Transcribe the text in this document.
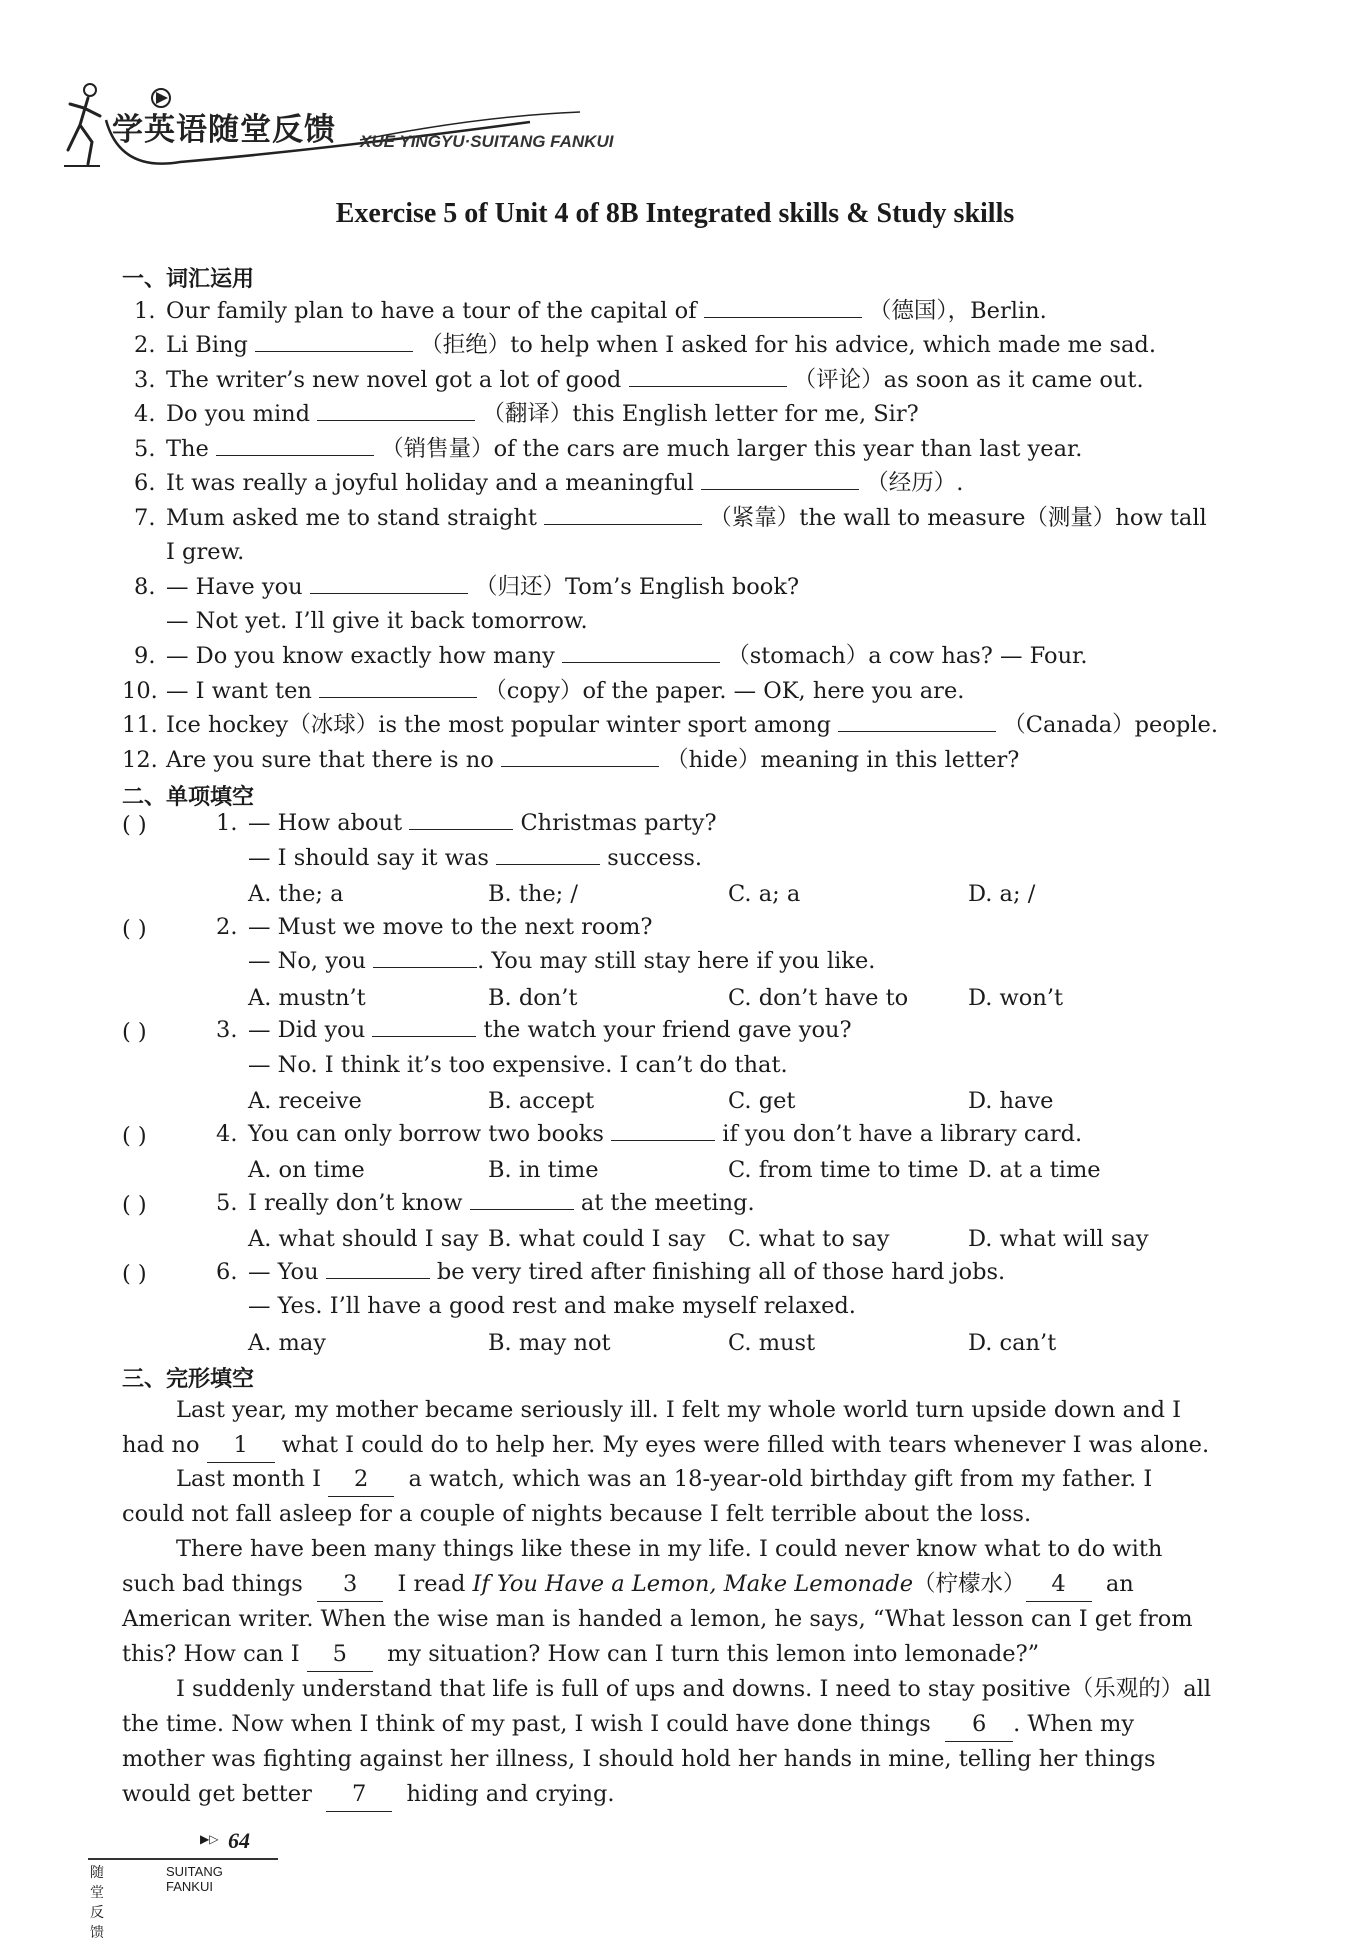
学英语随堂反馈 XUE YINGYU·SUITANG FANKUI
Exercise 5 of Unit 4 of 8B Integrated skills & Study skills
一、词汇运用
1. Our family plan to have a tour of the capital of	（德国），Berlin.
2. Li Bing	（拒绝）to help when I asked for his advice, which made me sad.
3. The writer’s new novel got a lot of good	（评论）as soon as it came out.
4. Do you mind	（翻译）this English letter for me, Sir?
5. The	（销售量）of the cars are much larger this year than last year.
6. It was really a joyful holiday and a meaningful	（经历）.
7. Mum asked me to stand straight	（紧靠）the wall to measure（测量）how tall
I grew.
8. — Have you	（归还）Tom’s English book?
— Not yet. I’ll give it back tomorrow.
9. — Do you know exactly how many	（stomach）a cow has? — Four.
10. — I want ten	（copy）of the paper. — OK, here you are.
11. Ice hockey（冰球）is the most popular winter sport among	（Canada）people.
12. Are you sure that there is no	（hide）meaning in this letter?
二、单项填空
( )	1. — How about	Christmas party?
— I should say it was	success.
A. the; a	B. the; /	C. a; a	D. a; /
( )	2. — Must we move to the next room?
— No, you	. You may still stay here if you like.
A. mustn’t	B. don’t	C. don’t have to	D. won’t
( )	3. — Did you	the watch your friend gave you?
— No. I think it’s too expensive. I can’t do that.
A. receive	B. accept	C. get	D. have
( )	4. You can only borrow two books	if you don’t have a library card.
A. on time	B. in time	C. from time to time D. at a time
( )	5. I really don’t know	at the meeting.
A. what should I say B. what could I say C. what to say	D. what will say
( )	6. — You	be very tired after finishing all of those hard jobs.
— Yes. I’ll have a good rest and make myself relaxed.
A. may	B. may not	C. must	D. can’t
三、完形填空
Last year, my mother became seriously ill. I felt my whole world turn upside down and I
had no 1 what I could do to help her. My eyes were filled with tears whenever I was alone.
Last month I 2 a watch, which was an 18-year-old birthday gift from my father. I
could not fall asleep for a couple of nights because I felt terrible about the loss.
There have been many things like these in my life. I could never know what to do with
such bad things 3 I read If You Have a Lemon, Make Lemonade（柠檬水） 4 an
American writer. When the wise man is handed a lemon, he says, “What lesson can I get from
this? How can I 5 my situation? How can I turn this lemon into lemonade?”
I suddenly understand that life is full of ups and downs. I need to stay positive（乐观的）all
the time. Now when I think of my past, I wish I could have done things 6 . When my
mother was fighting against her illness, I should hold her hands in mine, telling her things
would get better 7 hiding and crying.
▶▷ 64
随堂反馈
SUITANG FANKUI
